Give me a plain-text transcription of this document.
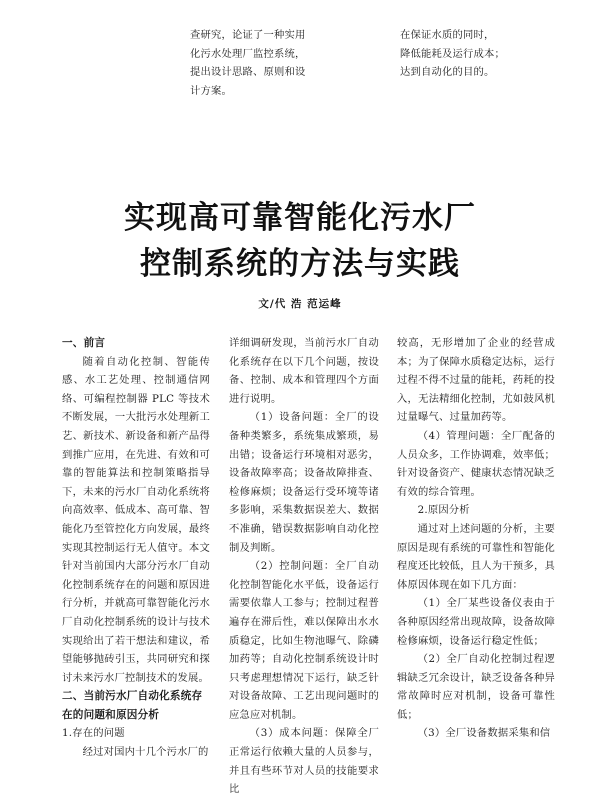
查研究，论证了一种实用

化污水处理厂监控系统，

提出设计思路、原则和设

计方案。

在保证水质的同时，

降低能耗及运行成本；

达到自动化的目的。

实现高可靠智能化污水厂
控制系统的方法与实践
文/代 浩 范运峰
一、前言

随着自动化控制、智能传感、水工艺处理、控制通信网络、可编程控制器 PLC 等技术不断发展，一大批污水处理新工艺、新技术、新设备和新产品得到推广应用，在先进、有效和可靠的智能算法和控制策略指导下，未来的污水厂自动化系统将向高效率、低成本、高可靠、智能化乃至管控化方向发展，最终实现其控制运行无人值守。本文针对当前国内大部分污水厂自动化控制系统存在的问题和原因进行分析，并就高可靠智能化污水厂自动化控制系统的设计与技术实现给出了若干想法和建议，希望能够抛砖引玉，共同研究和探讨未来污水厂控制技术的发展。

二、当前污水厂自动化系统存在的问题和原因分析

1.存在的问题

经过对国内十几个污水厂的

详细调研发现，当前污水厂自动化系统存在以下几个问题，按设备、控制、成本和管理四个方面进行说明。

（1）设备问题：全厂的设备种类繁多，系统集成繁琐，易出错；设备运行环境相对恶劣，设备故障率高；设备故障排查、检修麻烦；设备运行受环境等诸多影响，采集数据误差大、数据不准确，错误数据影响自动化控制及判断。

（2）控制问题：全厂自动化控制智能化水平低，设备运行需要依靠人工参与；控制过程普遍存在滞后性，难以保障出水水质稳定，比如生物池曝气、除磷加药等；自动化控制系统设计时只考虑理想情况下运行，缺乏针对设备故障、工艺出现问题时的应急应对机制。

（3）成本问题：保障全厂正常运行依赖大量的人员参与，并且有些环节对人员的技能要求比

较高，无形增加了企业的经营成本；为了保障水质稳定达标，运行过程不得不过量的能耗，药耗的投入，无法精细化控制，尤如鼓风机过量曝气、过量加药等。

（4）管理问题：全厂配备的人员众多，工作协调难，效率低；针对设备资产、健康状态情况缺乏有效的综合管理。

2.原因分析

通过对上述问题的分析，主要原因是现有系统的可靠性和智能化程度还比较低，且人为干预多，具体原因体现在如下几方面：

（1）全厂某些设备仪表由于各种原因经常出现故障，设备故障检修麻烦，设备运行稳定性低；

（2）全厂自动化控制过程逻辑缺乏冗余设计，缺乏设备各种异常故障时应对机制，设备可靠性低；

（3）全厂设备数据采集和信
